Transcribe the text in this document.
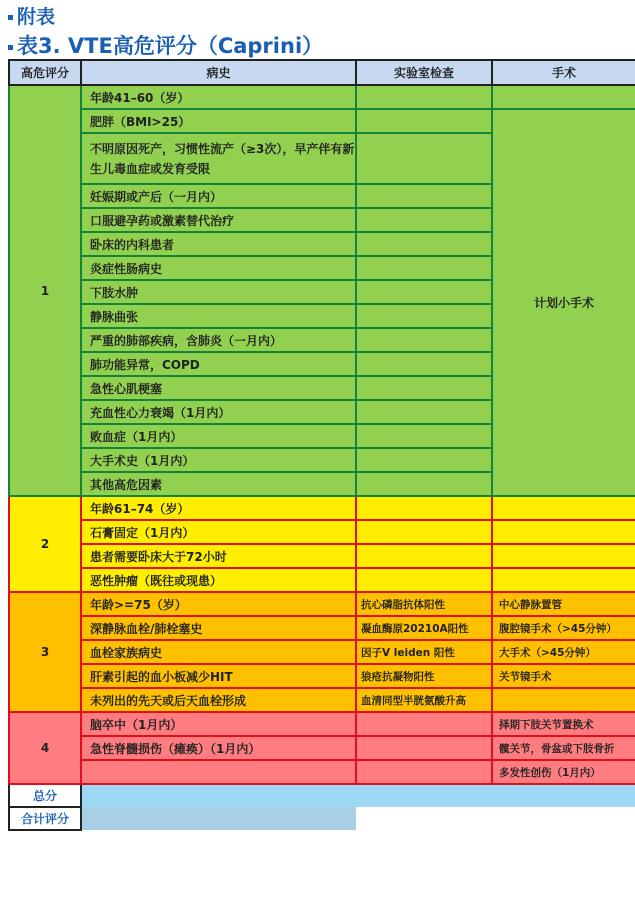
附表
表3. VTE高危评分（Caprini）
高危评分	病史	实验室检查	手术
1	年龄41–60（岁）		
	肥胖（BMI>25）		计划小手术
	不明原因死产，习惯性流产（≥3次），早产伴有新生儿毒血症或发育受限		
	妊娠期或产后（一月内）		
	口服避孕药或激素替代治疗		
	卧床的内科患者		
	炎症性肠病史		
	下肢水肿		
	静脉曲张		
	严重的肺部疾病，含肺炎（一月内）		
	肺功能异常，COPD		
	急性心肌梗塞		
	充血性心力衰竭（1月内）		
	败血症（1月内）		
	大手术史（1月内）		
	其他高危因素		
2	年龄61–74（岁）		
	石膏固定（1月内）		
	患者需要卧床大于72小时		
	恶性肿瘤（既往或现患）		
3	年龄>=75（岁）	抗心磷脂抗体阳性	中心静脉置管
	深静脉血栓/肺栓塞史	凝血酶原20210A阳性	腹腔镜手术（>45分钟）
	血栓家族病史	因子V leiden 阳性	大手术（>45分钟）
	肝素引起的血小板减少HIT	狼疮抗凝物阳性	关节镜手术
	未列出的先天或后天血栓形成	血清同型半胱氨酸升高	
4	脑卒中（1月内）		择期下肢关节置换术
	急性脊髓损伤（瘫痪）（1月内）		髋关节，骨盆或下肢骨折
			多发性创伤（1月内）
总分			
合计评分			
